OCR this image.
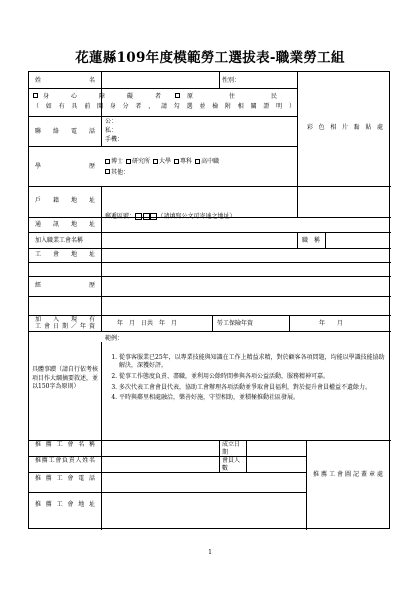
花蓮縣109年度模範勞工選拔表-職業勞工組
姓名	性別：
彩色相片黏貼處
身心障礙者	原住民
（如有具前開身分者，請勾選並檢附相關證明）
聯絡電話
公：
私：
手機：
學歷
博士	研究所	大學	專科	高中職
其他：
戶籍地址
通訊地址
郵遞區號：	（請填寫公文可寄達之地址）
加入職業工會名稱	職稱
工會地址
經歷
加入現有
工會日期／年資	年　月　日共　年　月	勞工保險年資	年　　月
具體事蹟（請自行依考核項目作大綱摘要敘述，並以150字為原則）
範例：
1. 從事客服業已25年，以專業技能與知識在工作上精益求精，對於顧客各項問題，均能以學識技能協助解決，深獲好評。
2. 從事工作態度負責、盡職，並利用公餘時間參與各項公益活動，服務精神可嘉。
3. 多次代表工會會員代表，協助工會辦理各項活動並爭取會員福利，對於提升會員權益不遺餘力。
4. 平時與鄰里相處融洽，樂善好施，守望相助，並積極推動社區發展。
推薦工會名稱	成立日期
推薦工會負責人姓名	會員人數
推薦工會電話
推薦工會地址
推薦工會圖記蓋章處
1
